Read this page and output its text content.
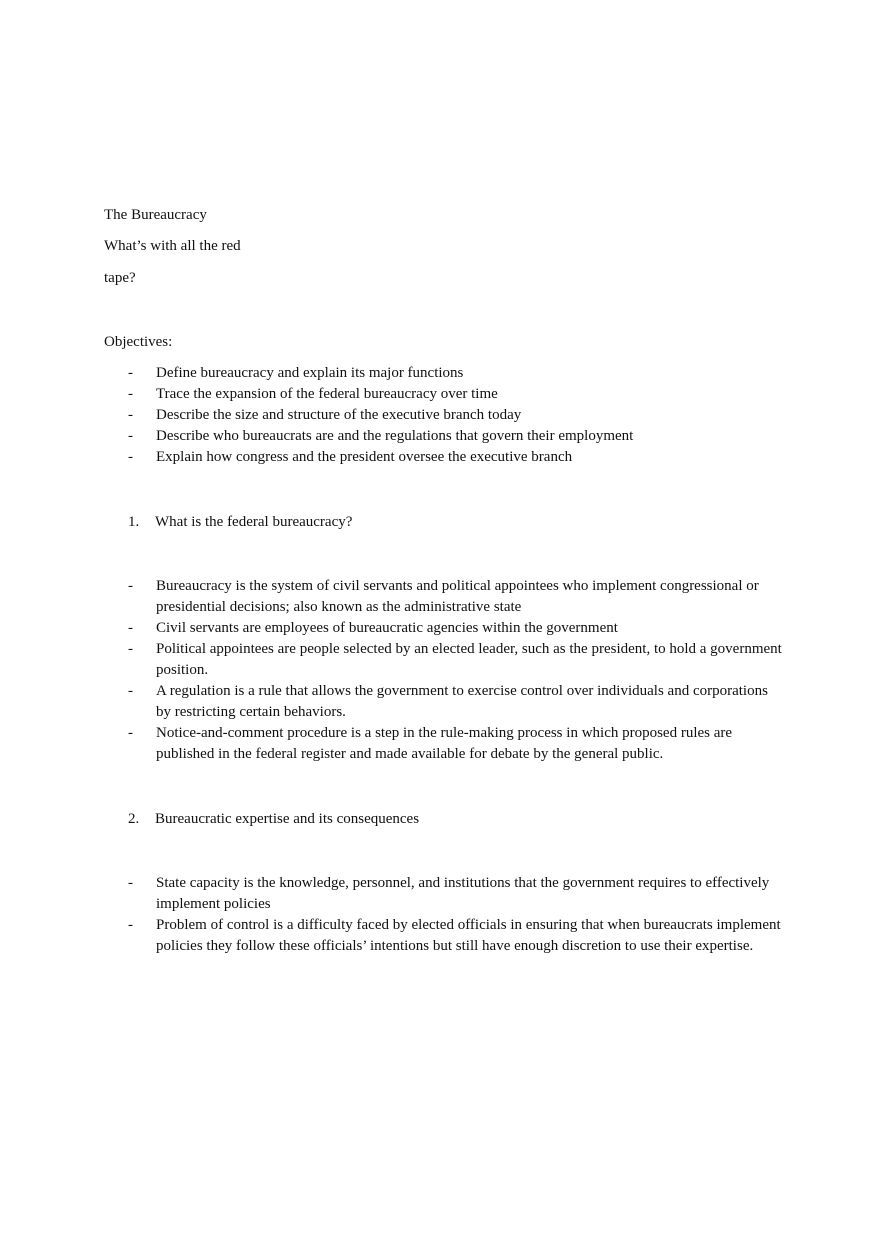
The Bureaucracy
What’s with all the red
tape?
Objectives:
- Define bureaucracy and explain its major functions
- Trace the expansion of the federal bureaucracy over time
- Describe the size and structure of the executive branch today
- Describe who bureaucrats are and the regulations that govern their employment
- Explain how congress and the president oversee the executive branch
1. What is the federal bureaucracy?
- Bureaucracy is the system of civil servants and political appointees who implement congressional or presidential decisions; also known as the administrative state
- Civil servants are employees of bureaucratic agencies within the government
- Political appointees are people selected by an elected leader, such as the president, to hold a government position.
- A regulation is a rule that allows the government to exercise control over individuals and corporations by restricting certain behaviors.
- Notice-and-comment procedure is a step in the rule-making process in which proposed rules are published in the federal register and made available for debate by the general public.
2. Bureaucratic expertise and its consequences
- State capacity is the knowledge, personnel, and institutions that the government requires to effectively implement policies
- Problem of control is a difficulty faced by elected officials in ensuring that when bureaucrats implement policies they follow these officials’ intentions but still have enough discretion to use their expertise.
